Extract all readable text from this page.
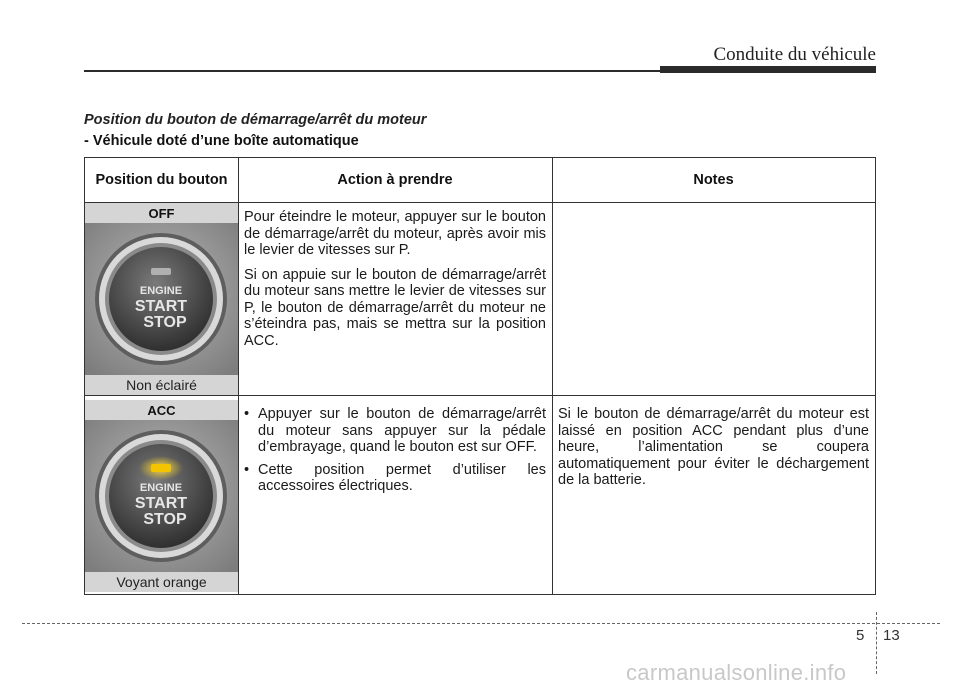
Conduite du véhicule
Position du bouton de démarrage/arrêt du moteur
- Véhicule doté d’une boîte automatique
Position du bouton	Action à prendre	Notes
OFF
ENGINE
START
STOP
Non éclairé

Pour éteindre le moteur, appuyer sur le bouton de démarrage/arrêt du moteur, après avoir mis le levier de vitesses sur P.

Si on appuie sur le bouton de démarrage/arrêt du moteur sans mettre le levier de vitesses sur P, le bouton de démarrage/arrêt du moteur ne s’éteindra pas, mais se mettra sur la position ACC.

ACC
ENGINE
START
STOP
Voyant orange
• Appuyer sur le bouton de démarrage/arrêt du moteur sans appuyer sur la pédale d’embrayage, quand le bouton est sur OFF.
• Cette position permet d’utiliser les accessoires électriques.
Si le bouton de démarrage/arrêt du moteur est laissé en position ACC pendant plus d’une heure, l’alimentation se coupera automatiquement pour éviter le déchargement de la batterie.
5 13
carmanualsonline.info
